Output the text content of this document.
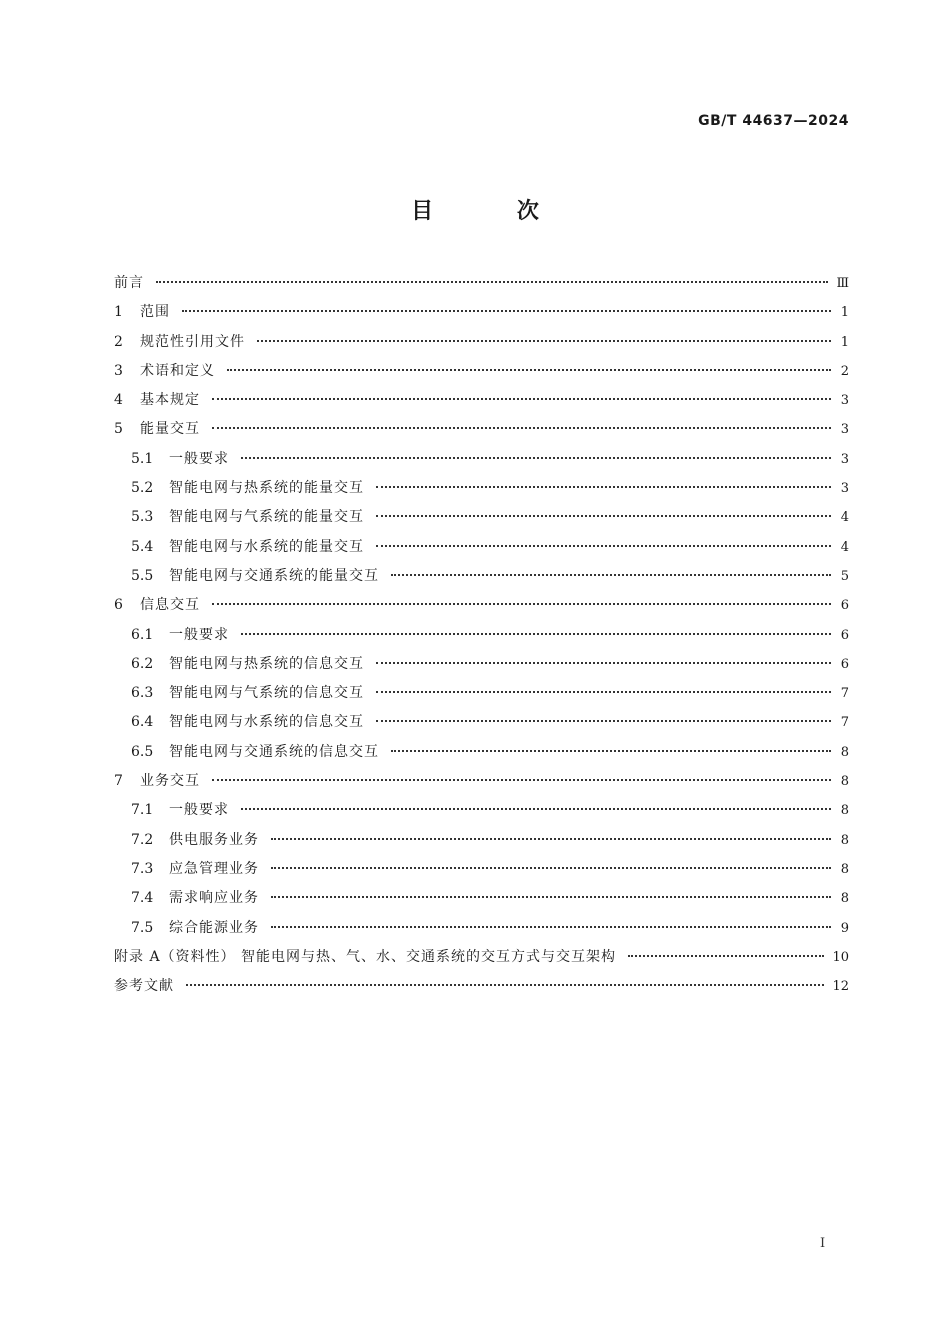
GB/T 44637—2024
目 次
前言	Ⅲ
1	范围	1
2	规范性引用文件	1
3	术语和定义	2
4	基本规定	3
5	能量交互	3
5.1	一般要求	3
5.2	智能电网与热系统的能量交互	3
5.3	智能电网与气系统的能量交互	4
5.4	智能电网与水系统的能量交互	4
5.5	智能电网与交通系统的能量交互	5
6	信息交互	6
6.1	一般要求	6
6.2	智能电网与热系统的信息交互	6
6.3	智能电网与气系统的信息交互	7
6.4	智能电网与水系统的信息交互	7
6.5	智能电网与交通系统的信息交互	8
7	业务交互	8
7.1	一般要求	8
7.2	供电服务业务	8
7.3	应急管理业务	8
7.4	需求响应业务	8
7.5	综合能源业务	9
附录 A（资料性） 智能电网与热、气、水、交通系统的交互方式与交互架构	10
参考文献	12
I
